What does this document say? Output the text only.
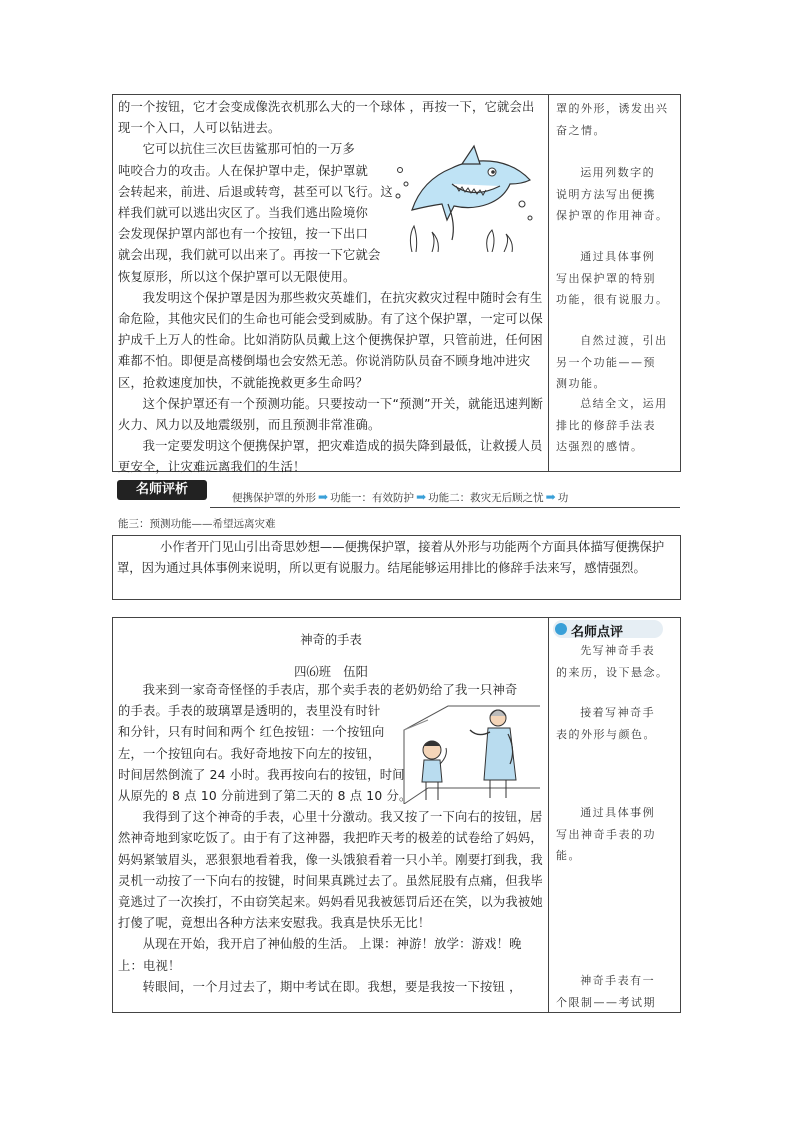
的一个按钮，它才会变成像洗衣机那么大的一个球体 ，再按一下，它就会出现一个入口，人可以钻进去。

它可以抗住三次巨齿鲨那可怕的一万多
吨咬合力的攻击。人在保护罩中走，保护罩就
会转起来，前进、后退或转弯，甚至可以飞行。这
样我们就可以逃出灾区了。当我们逃出险境你
会发现保护罩内部也有一个按钮，按一下出口
就会出现，我们就可以出来了。再按一下它就会
恢复原形，所以这个保护罩可以无限使用。

我发明这个保护罩是因为那些救灾英雄们，在抗灾救灾过程中随时会有生命危险，其他灾民们的生命也可能会受到威胁。有了这个保护罩，一定可以保护成千上万人的性命。比如消防队员戴上这个便携保护罩，只管前进，任何困难都不怕。即便是高楼倒塌也会安然无恙。你说消防队员奋不顾身地冲进灾区，抢救速度加快，不就能挽救更多生命吗？

这个保护罩还有一个预测功能。只要按动一下“预测”开关，就能迅速判断火力、风力以及地震级别，而且预测非常准确。

我一定要发明这个便携保护罩，把灾难造成的损失降到最低，让救援人员更安全，让灾难远离我们的生活！

罩的外形，诱发出兴

奋之情。

运用列数字的

说明方法写出便携

保护罩的作用神奇。

通过具体事例

写出保护罩的特别

功能，很有说服力。

自然过渡，引出

另一个功能——预

测功能。

总结全文，运用

排比的修辞手法表

达强烈的感情。

名师评析
便携保护罩的外形 ➡ 功能一：有效防护 ➡ 功能二：救灾无后顾之忧 ➡ 功
能三：预测功能——希望远离灾难
小作者开门见山引出奇思妙想——便携保护罩，接着从外形与功能两个方面具体描写便携保护罩，因为通过具体事例来说明，所以更有说服力。结尾能够运用排比的修辞手法来写，感情强烈。
神奇的手表
四⑹班　伍阳
我来到一家奇奇怪怪的手表店，那个卖手表的老奶奶给了我一只神奇
的手表。手表的玻璃罩是透明的，表里没有时针
和分针，只有时间和两个 红色按钮：一个按钮向
左，一个按钮向右。我好奇地按下向左的按钮，
时间居然倒流了 24 小时。我再按向右的按钮，时间
从原先的 8 点 10 分前进到了第二天的 8 点 10 分。

我得到了这个神奇的手表，心里十分激动。我又按了一下向右的按钮，居然神奇地到家吃饭了。由于有了这神器，我把昨天考的极差的试卷给了妈妈，妈妈紧皱眉头，恶狠狠地看着我，像一头饿狼看着一只小羊。刚要打到我，我灵机一动按了一下向右的按键，时间果真跳过去了。虽然屁股有点痛，但我毕竟逃过了一次挨打，不由窃笑起来。妈妈看见我被惩罚后还在笑，以为我被她打傻了呢，竟想出各种方法来安慰我。我真是快乐无比！

从现在开始，我开启了神仙般的生活。 上课：神游！放学：游戏！晚上：电视！

转眼间，一个月过去了，期中考试在即。我想，要是我按一下按钮 ，

名师点评

先写神奇手表

的来历，设下悬念。

接着写神奇手

表的外形与颜色。

通过具体事例

写出神奇手表的功

能。

神奇手表有一

个限制——考试期
